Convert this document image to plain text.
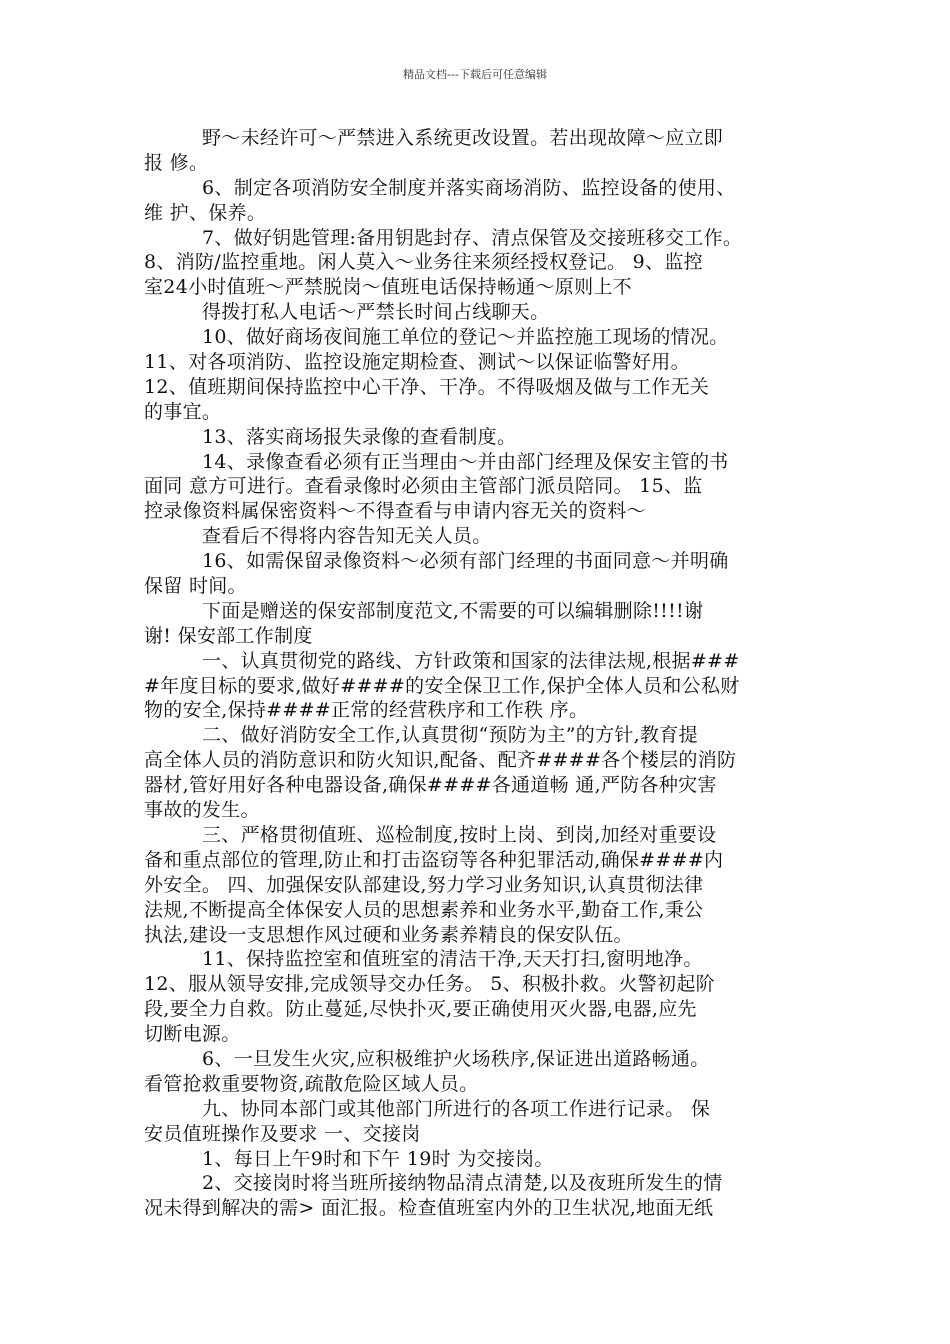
精品文档---下载后可任意编辑
野～未经许可～严禁进入系统更改设置。若出现故障～应立即
报 修。
6、制定各项消防安全制度并落实商场消防、监控设备的使用、
维 护、保养。
7、做好钥匙管理:备用钥匙封存、清点保管及交接班移交工作。
8、消防/监控重地。闲人莫入～业务往来须经授权登记。 9、监控
室24小时值班～严禁脱岗～值班电话保持畅通～原则上不
得拨打私人电话～严禁长时间占线聊天。
10、做好商场夜间施工单位的登记～并监控施工现场的情况。
11、对各项消防、监控设施定期检查、测试～以保证临警好用。
12、值班期间保持监控中心干净、干净。不得吸烟及做与工作无关
的事宜。
13、落实商场报失录像的查看制度。
14、录像查看必须有正当理由～并由部门经理及保安主管的书
面同 意方可进行。查看录像时必须由主管部门派员陪同。 15、监
控录像资料属保密资料～不得查看与申请内容无关的资料～
查看后不得将内容告知无关人员。
16、如需保留录像资料～必须有部门经理的书面同意～并明确
保留 时间。
下面是赠送的保安部制度范文,不需要的可以编辑删除!!!!谢
谢! 保安部工作制度
一、认真贯彻党的路线、方针政策和国家的法律法规,根据###
#年度目标的要求,做好####的安全保卫工作,保护全体人员和公私财
物的安全,保持####正常的经营秩序和工作秩 序。
二、做好消防安全工作,认真贯彻“预防为主”的方针,教育提
高全体人员的消防意识和防火知识,配备、配齐####各个楼层的消防
器材,管好用好各种电器设备,确保####各通道畅 通,严防各种灾害
事故的发生。
三、严格贯彻值班、巡检制度,按时上岗、到岗,加经对重要设
备和重点部位的管理,防止和打击盗窃等各种犯罪活动,确保####内
外安全。 四、加强保安队部建设,努力学习业务知识,认真贯彻法律
法规,不断提高全体保安人员的思想素养和业务水平,勤奋工作,秉公
执法,建设一支思想作风过硬和业务素养精良的保安队伍。
11、保持监控室和值班室的清洁干净,天天打扫,窗明地净。
12、服从领导安排,完成领导交办任务。 5、积极扑救。火警初起阶
段,要全力自救。防止蔓延,尽快扑灭,要正确使用灭火器,电器,应先
切断电源。
6、一旦发生火灾,应积极维护火场秩序,保证进出道路畅通。
看管抢救重要物资,疏散危险区域人员。
九、协同本部门或其他部门所进行的各项工作进行记录。 保
安员值班操作及要求 一、交接岗
1、每日上午9时和下午 19时 为交接岗。
2、交接岗时将当班所接纳物品清点清楚,以及夜班所发生的情
况未得到解决的需> 面汇报。检查值班室内外的卫生状况,地面无纸
